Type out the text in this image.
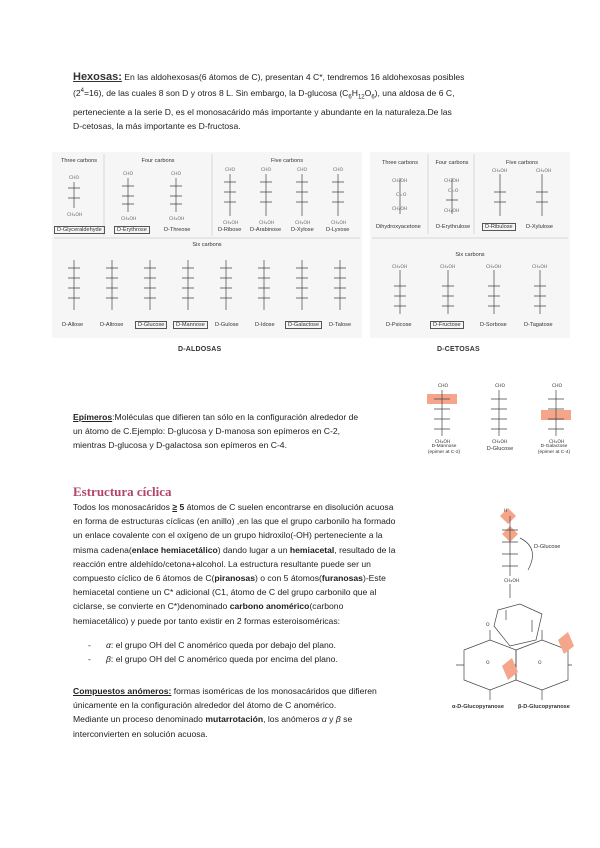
Hexosas: En las aldohexosas(6 átomos de C), presentan 4 C*, tendremos 16 aldohexosas posibles
$(2^4=16)$, de las cuales 8 son D y otros 8 L. Sin embargo, la D-glucosa $(C_6H_{12}O_6)$, una aldosa de 6 C,
perteneciente a la serie D, es el monosacárido más importante y abundante en la naturaleza.De las
D-cetosas, la más importante es D-fructosa.
CHO
CHO	CHO
CHO	CHO	CHO	CHO
CH₂OH
CH₂OH	CH₂OH
CH₂OH	CH₂OH	CH₂OH	CH₂OH
Three carbons	Four carbons	Five carbons
Six carbons
D-Glyceraldehyde	D-Erythrose	D-Threose	D-Ribose D-Arabinose D-Xylose D-Lyxose
D-Allose	D-Altrose	D-Glucose	D-Mannose	D-Gulose	D-Idose	D-Galactose	D-Talose
D-ALDOSAS
CH₂OH
C=O
CH₂OH
CH₂OH
C=O
CH₂OH
CH₂OH	CH₂OH
CH₂OH	CH₂OH	CH₂OH	CH₂OH
Three carbons	Four carbons	Five carbons
Six carbons
Dihydroxyacetone	D-Erythrulose	D-Ribulose	D-Xylulose
D-Psicose	D-Fructose	D-Sorbose	D-Tagatose
D-CETOSAS
Epímeros:Moléculas que difieren tan sólo en la configuración alrededor de
un átomo de C.Ejemplo: D-glucosa y D-manosa son epímeros en C-2,
mientras D-glucosa y D-galactosa son epímeros en C-4.
CHO	CHO	CHO
CH₂OH	CH₂OH	CH₂OH
D-Mannose (epimer at C-2)	D-Glucose	D-Galactose (epimer at C-4)
Estructura cíclica
Todos los monosacáridos ≥ 5 átomos de C suelen encontrarse en disolución acuosa
en forma de estructuras cíclicas (en anillo) ,en las que el grupo carbonilo ha formado
un enlace covalente con el oxígeno de un grupo hidroxilo(-OH) perteneciente a la
misma cadena(enlace hemiacetálico) dando lugar a un hemiacetal, resultado de la
reacción entre aldehído/cetona+alcohol. La estructura resultante puede ser un
compuesto cíclico de 6 átomos de C(piranosas) o con 5 átomos(furanosas)-Este
hemiacetal contiene un C* adicional (C1, átomo de C del grupo carbonilo que al
ciclarse, se convierte en C*)denominado carbono anomérico(carbono
hemiacetálico) y puede por tanto existir en 2 formas esteroisoméricas:
- α: el grupo OH del C anomérico queda por debajo del plano.
- β: el grupo OH del C anomérico queda por encima del plano.
H
CH₂OH
O
O	O
D-Glucose
α-D-Glucopyranose	β-D-Glucopyranose
Compuestos anómeros: formas isoméricas de los monosacáridos que difieren
únicamente en la configuración alrededor del átomo de C anomérico.
Mediante un proceso denominado mutarrotación, los anómeros α y β se
interconvierten en solución acuosa.
